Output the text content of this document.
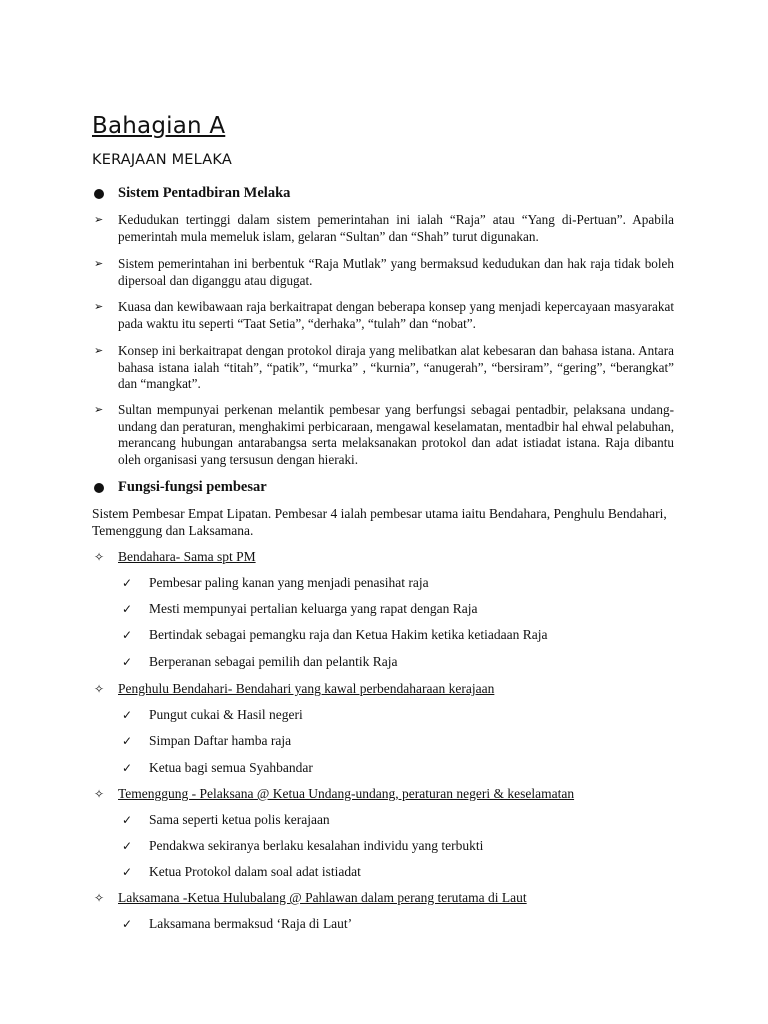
Bahagian A
KERAJAAN MELAKA
Sistem Pentadbiran Melaka
➢	Kedudukan tertinggi dalam sistem pemerintahan ini ialah “Raja” atau “Yang di-Pertuan”. Apabila pemerintah mula memeluk islam, gelaran “Sultan” dan “Shah” turut digunakan.
➢	Sistem pemerintahan ini berbentuk “Raja Mutlak” yang bermaksud kedudukan dan hak raja tidak boleh dipersoal dan diganggu atau digugat.
➢	Kuasa dan kewibawaan raja berkaitrapat dengan beberapa konsep yang menjadi kepercayaan masyarakat pada waktu itu seperti “Taat Setia”, “derhaka”, “tulah” dan “nobat”.
➢	Konsep ini berkaitrapat dengan protokol diraja yang melibatkan alat kebesaran dan bahasa istana. Antara bahasa istana ialah “titah”, “patik”, “murka” , “kurnia”, “anugerah”, “bersiram”, “gering”, “berangkat” dan “mangkat”.
➢	Sultan mempunyai perkenan melantik pembesar yang berfungsi sebagai pentadbir, pelaksana undang-undang dan peraturan, menghakimi perbicaraan, mengawal keselamatan, mentadbir hal ehwal pelabuhan, merancang hubungan antarabangsa serta melaksanakan protokol dan adat istiadat istana. Raja dibantu oleh organisasi yang tersusun dengan hieraki.
Fungsi-fungsi pembesar
Sistem Pembesar Empat Lipatan. Pembesar 4 ialah pembesar utama iaitu Bendahara, Penghulu Bendahari, Temenggung dan Laksamana.
✧ Bendahara- Sama spt PM
✓ Pembesar paling kanan yang menjadi penasihat raja
✓ Mesti mempunyai pertalian keluarga yang rapat dengan Raja
✓ Bertindak sebagai pemangku raja dan Ketua Hakim ketika ketiadaan Raja
✓ Berperanan sebagai pemilih dan pelantik Raja
✧ Penghulu Bendahari- Bendahari yang kawal perbendaharaan kerajaan
✓ Pungut cukai & Hasil negeri
✓ Simpan Daftar hamba raja
✓ Ketua bagi semua Syahbandar
✧ Temenggung - Pelaksana @ Ketua Undang-undang, peraturan negeri & keselamatan
✓ Sama seperti ketua polis kerajaan
✓ Pendakwa sekiranya berlaku kesalahan individu yang terbukti
✓ Ketua Protokol dalam soal adat istiadat
✧ Laksamana -Ketua Hulubalang @ Pahlawan dalam perang terutama di Laut
✓ Laksamana bermaksud ‘Raja di Laut’
